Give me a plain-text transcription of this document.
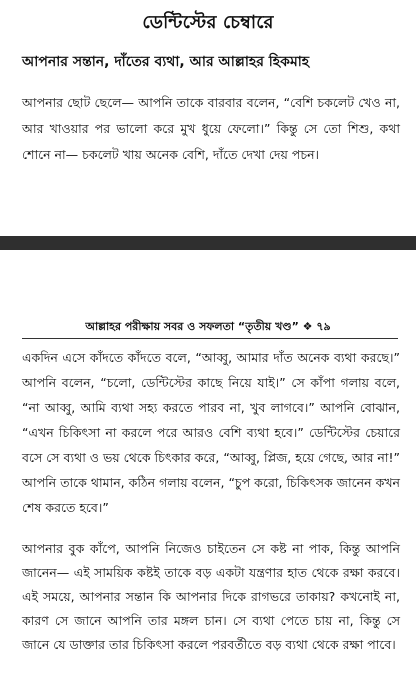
ডেন্টিস্টের চেম্বারে
আপনার সন্তান, দাঁতের ব্যথা, আর আল্লাহর হিকমাহ
আপনার ছোট ছেলে— আপনি তাকে বারবার বলেন, “বেশি চকলেট খেও না, আর খাওয়ার পর ভালো করে মুখ ধুয়ে ফেলো।” কিন্তু সে তো শিশু, কথা শোনে না— চকলেট খায় অনেক বেশি, দাঁতে দেখা দেয় পচন।
আল্লাহর পরীক্ষায় সবর ও সফলতা “তৃতীয় খণ্ড” ❖ ৭৯
একদিন এসে কাঁদতে কাঁদতে বলে, “আব্বু, আমার দাঁত অনেক ব্যথা করছে।” আপনি বলেন, “চলো, ডেন্টিস্টের কাছে নিয়ে যাই।” সে কাঁপা গলায় বলে, “না আব্বু, আমি ব্যথা সহ্য করতে পারব না, খুব লাগবে।” আপনি বোঝান, “এখন চিকিৎসা না করলে পরে আরও বেশি ব্যথা হবে।” ডেন্টিস্টের চেয়ারে বসে সে ব্যথা ও ভয় থেকে চিৎকার করে, “আব্বু, প্লিজ, হয়ে গেছে, আর না!” আপনি তাকে থামান, কঠিন গলায় বলেন, “চুপ করো, চিকিৎসক জানেন কখন শেষ করতে হবে।”
আপনার বুক কাঁপে, আপনি নিজেও চাইতেন সে কষ্ট না পাক, কিন্তু আপনি জানেন— এই সাময়িক কষ্টই তাকে বড় একটা যন্ত্রণার হাত থেকে রক্ষা করবে। এই সময়ে, আপনার সন্তান কি আপনার দিকে রাগভরে তাকায়? কখনোই না, কারণ সে জানে আপনি তার মঙ্গল চান। সে ব্যথা পেতে চায় না, কিন্তু সে জানে যে ডাক্তার তার চিকিৎসা করলে পরবর্তীতে বড় ব্যথা থেকে রক্ষা পাবে।
